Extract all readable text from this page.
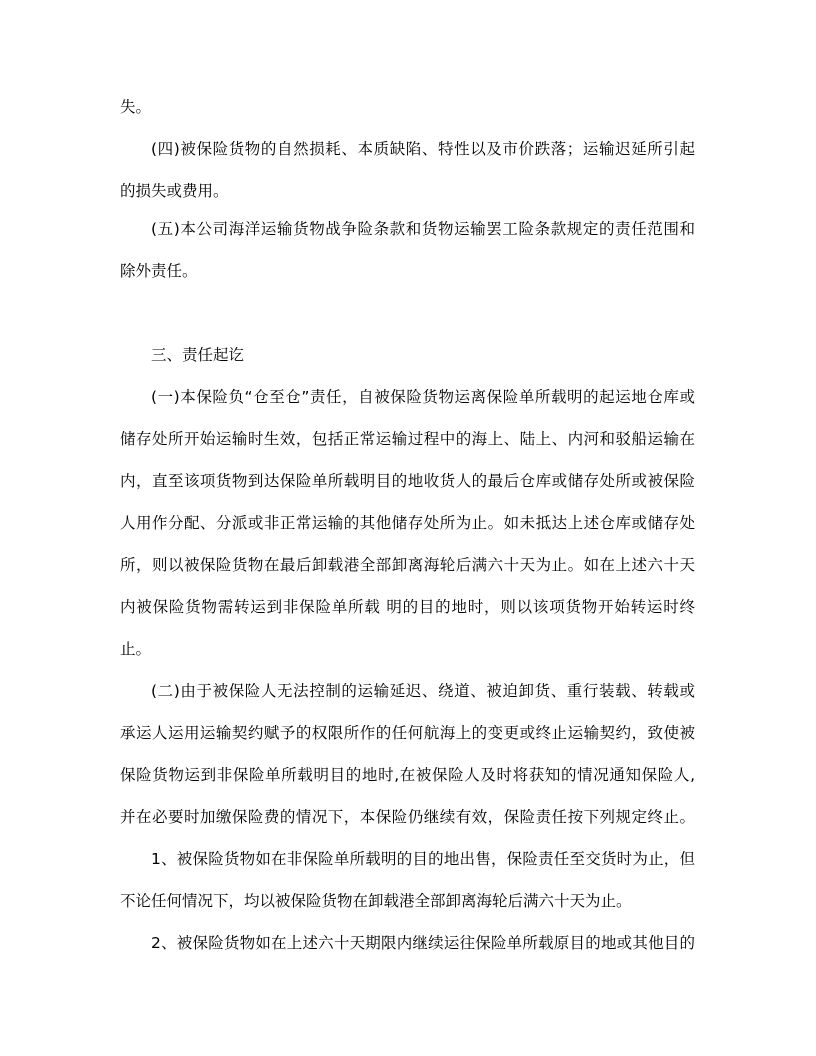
失。
(四)被保险货物的自然损耗、本质缺陷、特性以及市价跌落；运输迟延所引起
的损失或费用。
(五)本公司海洋运输货物战争险条款和货物运输罢工险条款规定的责任范围和
除外责任。
三、责任起讫
(一)本保险负“仓至仓”责任，自被保险货物运离保险单所载明的起运地仓库或
储存处所开始运输时生效，包括正常运输过程中的海上、陆上、内河和驳船运输在
内，直至该项货物到达保险单所载明目的地收货人的最后仓库或储存处所或被保险
人用作分配、分派或非正常运输的其他储存处所为止。如未抵达上述仓库或储存处
所，则以被保险货物在最后卸载港全部卸离海轮后满六十天为止。如在上述六十天
内被保险货物需转运到非保险单所载 明的目的地时，则以该项货物开始转运时终
止。
(二)由于被保险人无法控制的运输延迟、绕道、被迫卸货、重行装载、转载或
承运人运用运输契约赋予的权限所作的任何航海上的变更或终止运输契约，致使被
保险货物运到非保险单所载明目的地时,在被保险人及时将获知的情况通知保险人,
并在必要时加缴保险费的情况下，本保险仍继续有效，保险责任按下列规定终止。
1、被保险货物如在非保险单所载明的目的地出售，保险责任至交货时为止，但
不论任何情况下，均以被保险货物在卸载港全部卸离海轮后满六十天为止。
2、被保险货物如在上述六十天期限内继续运往保险单所载原目的地或其他目的
